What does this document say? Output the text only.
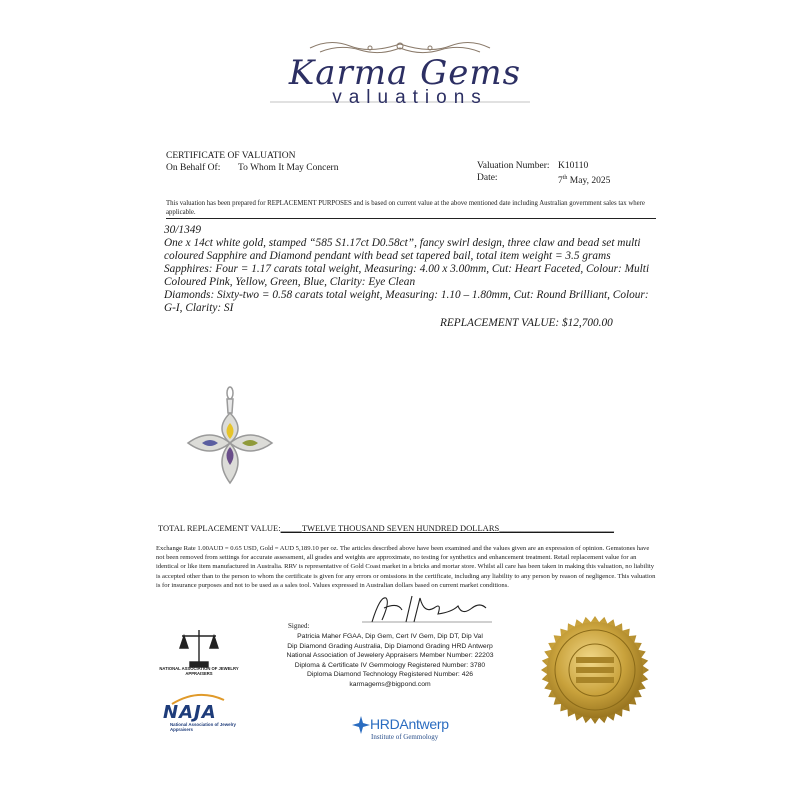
Karma Gems
valuations
CERTIFICATE OF VALUATION
On Behalf Of: To Whom It May Concern	Valuation Number: K10110
Date:	7th May, 2025
This valuation has been prepared for REPLACEMENT PURPOSES and is based on current value at the above mentioned date including Australian government sales tax where applicable.
30/1349
One x 14ct white gold, stamped “585 S1.17ct D0.58ct”, fancy swirl design, three claw and bead set multi coloured Sapphire and Diamond pendant with bead set tapered bail, total item weight = 3.5 grams
Sapphires: Four = 1.17 carats total weight, Measuring: 4.00 x 3.00mm, Cut: Heart Faceted, Colour: Multi Coloured Pink, Yellow, Green, Blue, Clarity: Eye Clean
Diamonds: Sixty-two = 0.58 carats total weight, Measuring: 1.10 – 1.80mm, Cut: Round Brilliant, Colour: G-I, Clarity: SI
REPLACEMENT VALUE: $12,700.00
TOTAL REPLACEMENT VALUE:_____TWELVE THOUSAND SEVEN HUNDRED DOLLARS___________________________
Exchange Rate 1.00AUD = 0.65 USD, Gold = AUD 5,189.10 per oz. The articles described above have been examined and the values given are an expression of opinion. Gemstones have not been removed from settings for accurate assessment, all grades and weights are approximate, no testing for synthetics and enhancement treatment. Retail replacement value for an identical or like item manufactured in Australia. RRV is representative of Gold Coast market in a bricks and mortar store. Whilst all care has been taken in making this valuation, no liability is accepted other than to the person to whom the certificate is given for any errors or omissions in the certificate, including any liability to any person by reason of negligence. This valuation is for insurance purposes and not to be used as a sales tool. Values expressed in Australian dollars based on current market conditions.
Signed:
Patricia Maher FGAA, Dip Gem, Cert IV Gem, Dip DT, Dip Val
Dip Diamond Grading Australia, Dip Diamond Grading HRD Antwerp
National Association of Jewelery Appraisers Member Number: 22203
Diploma & Certificate IV Gemmology Registered Number: 3780
Diploma Diamond Technology Registered Number: 426
karmagems@bigpond.com
NATIONAL ASSOCIATION OF JEWELRY APPRAISERS
NAJA
National Association of Jewelry Appraisers	HRDAntwerp
Institute of Gemmology
